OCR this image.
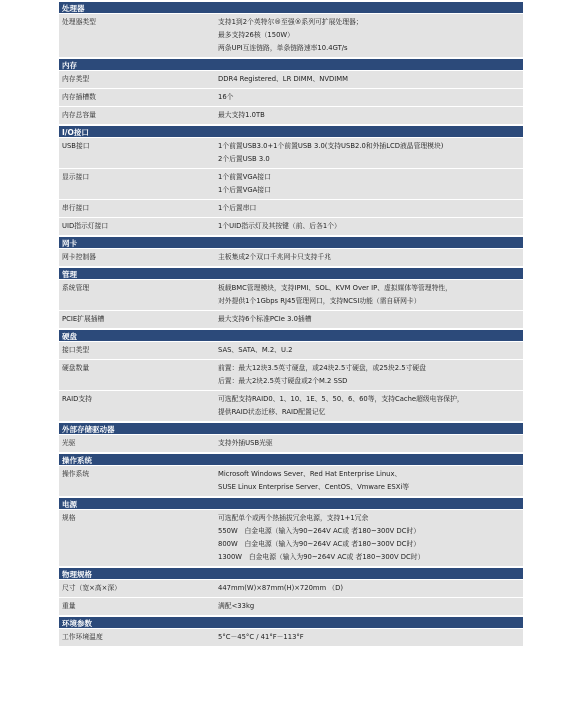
处理器
处理器类型	支持1到2个英特尔®至强®系列可扩展处理器；
最多支持26核（150W）
两条UPI互连链路，单条链路速率10.4GT/s
内存
内存类型	DDR4 Registered、LR DIMM、NVDIMM
内存插槽数	16个
内存总容量	最大支持1.0TB
I/O接口
USB接口	1个前置USB3.0+1个前置USB 3.0(支持USB2.0和外插LCD液晶管理模块)
2个后置USB 3.0
显示接口	1个前置VGA接口
1个后置VGA接口
串行接口	1个后置串口
UID指示灯接口	1个UID指示灯及其按键（前、后各1个）
网卡
网卡控制器	主板集成2个双口千兆网卡只支持千兆
管理
系统管理	板载BMC管理模块，支持IPMI、SOL、KVM Over IP、虚拟媒体等管理特性，
对外提供1个1Gbps RJ45管理网口，支持NCSI功能（需自研网卡）
PCIE扩展插槽	最大支持6个标准PCIe 3.0插槽
硬盘
接口类型	SAS、SATA、M.2、U.2
硬盘数量	前置：最大12块3.5英寸硬盘，或24块2.5寸硬盘，或25块2.5寸硬盘
后置：最大2块2.5英寸硬盘或2个M.2 SSD
RAID支持	可选配支持RAID0、1、10、1E、5、50、6、60等，支持Cache超级电容保护，
提供RAID状态迁移、RAID配置记忆
外部存储驱动器
光驱	支持外插USB光驱
操作系统
操作系统	Microsoft Windows Sever、Red Hat Enterprise Linux、
SUSE Linux Enterprise Server、CentOS、Vmware ESXi等
电源
规格	可选配单个或两个热插拔冗余电源，支持1+1冗余
550W　白金电源（输入为90~264V AC或 者180~300V DC时）
800W　白金电源（输入为90~264V AC或 者180~300V DC时）
1300W　白金电源（输入为90~264V AC或 者180~300V DC时）
物理规格
尺寸（宽×高×深）	447mm(W)×87mm(H)×720mm （D)
重量	满配<33kg
环境参数
工作环境温度	5°C－45°C / 41°F－113°F
